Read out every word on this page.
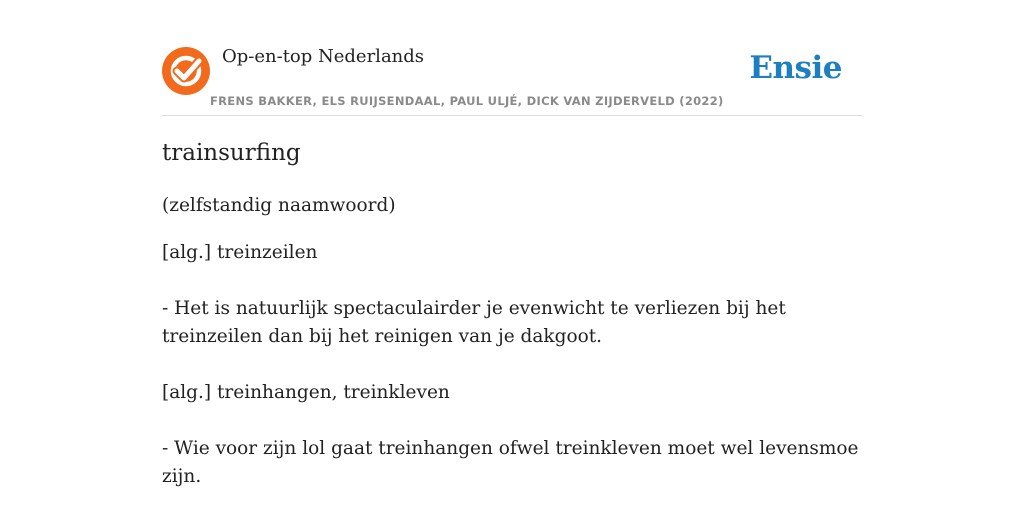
Op-en-top Nederlands
FRENS BAKKER, ELS RUIJSENDAAL, PAUL ULJÉ, DICK VAN ZIJDERVELD (2022)
Ensie
trainsurfing
(zelfstandig naamwoord)
[alg.] treinzeilen
- Het is natuurlijk spectaculairder je evenwicht te verliezen bij het treinzeilen dan bij het reinigen van je dakgoot.
[alg.] treinhangen, treinkleven
- Wie voor zijn lol gaat treinhangen ofwel treinkleven moet wel levensmoe zijn.
